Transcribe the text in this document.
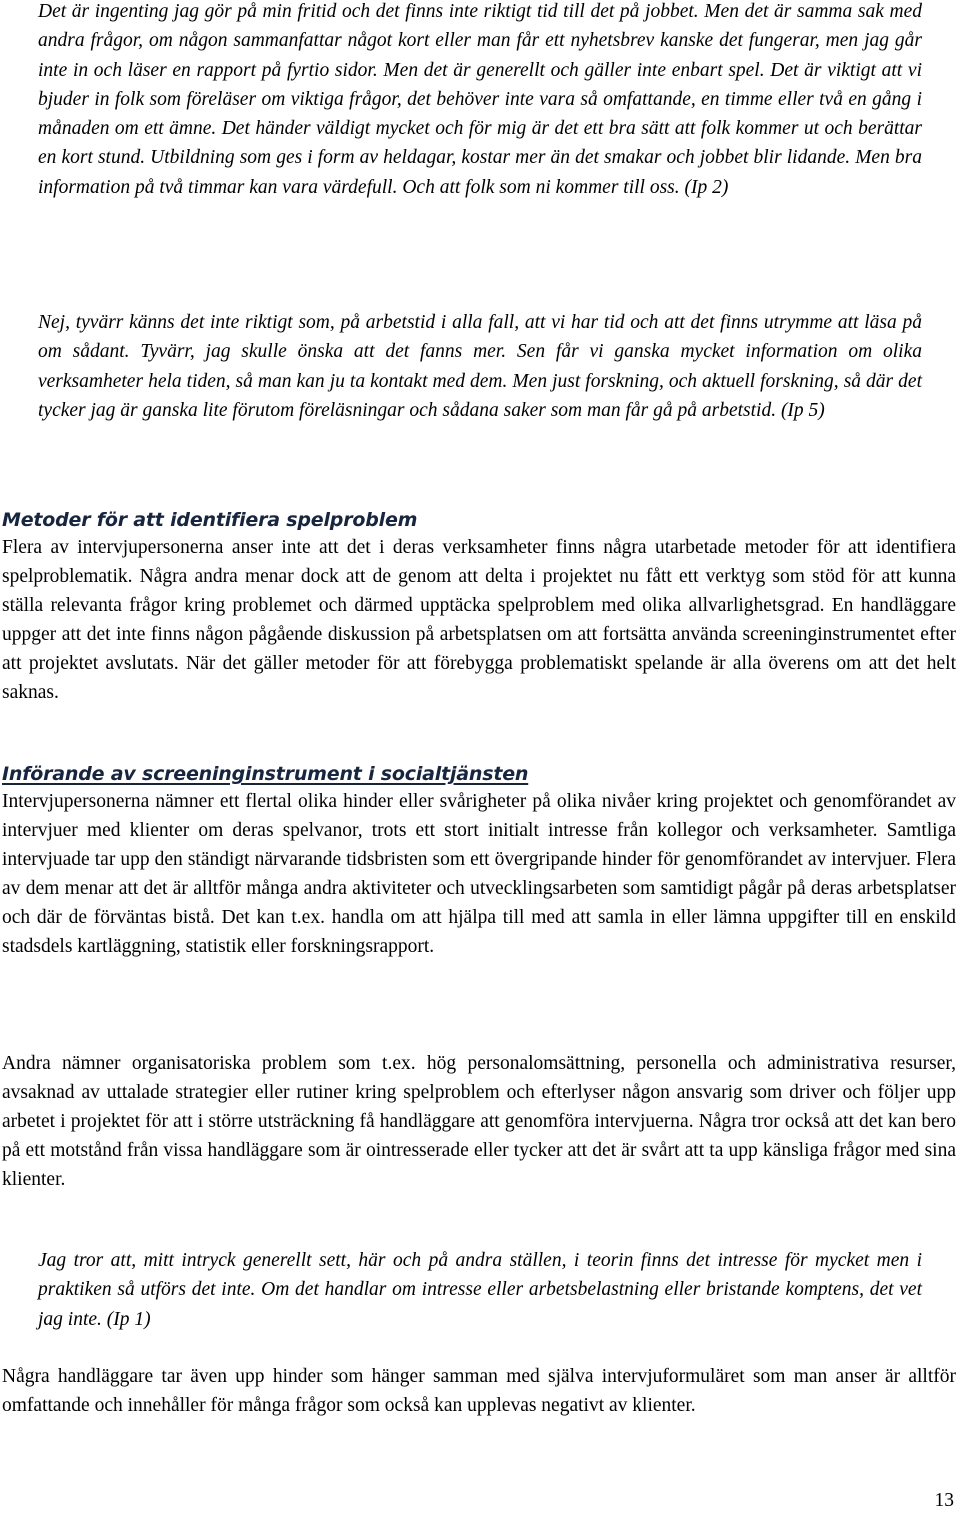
Det är ingenting jag gör på min fritid och det finns inte riktigt tid till det på jobbet. Men det är samma sak med andra frågor, om någon sammanfattar något kort eller man får ett nyhetsbrev kanske det fungerar, men jag går inte in och läser en rapport på fyrtio sidor. Men det är generellt och gäller inte enbart spel. Det är viktigt att vi bjuder in folk som föreläser om viktiga frågor, det behöver inte vara så omfattande, en timme eller två en gång i månaden om ett ämne. Det händer väldigt mycket och för mig är det ett bra sätt att folk kommer ut och berättar en kort stund. Utbildning som ges i form av heldagar, kostar mer än det smakar och jobbet blir lidande. Men bra information på två timmar kan vara värdefull. Och att folk som ni kommer till oss. (Ip 2)

Nej, tyvärr känns det inte riktigt som, på arbetstid i alla fall, att vi har tid och att det finns utrymme att läsa på om sådant. Tyvärr, jag skulle önska att det fanns mer. Sen får vi ganska mycket information om olika verksamheter hela tiden, så man kan ju ta kontakt med dem. Men just forskning, och aktuell forskning, så där det tycker jag är ganska lite förutom föreläsningar och sådana saker som man får gå på arbetstid. (Ip 5)

Metoder för att identifiera spelproblem

Flera av intervjupersonerna anser inte att det i deras verksamheter finns några utarbetade metoder för att identifiera spelproblematik. Några andra menar dock att de genom att delta i projektet nu fått ett verktyg som stöd för att kunna ställa relevanta frågor kring problemet och därmed upptäcka spelproblem med olika allvarlighetsgrad. En handläggare uppger att det inte finns någon pågående diskussion på arbetsplatsen om att fortsätta använda screeninginstrumentet efter att projektet avslutats. När det gäller metoder för att förebygga problematiskt spelande är alla överens om att det helt saknas.

Införande av screeninginstrument i socialtjänsten

Intervjupersonerna nämner ett flertal olika hinder eller svårigheter på olika nivåer kring projektet och genomförandet av intervjuer med klienter om deras spelvanor, trots ett stort initialt intresse från kollegor och verksamheter. Samtliga intervjuade tar upp den ständigt närvarande tidsbristen som ett övergripande hinder för genomförandet av intervjuer. Flera av dem menar att det är alltför många andra aktiviteter och utvecklingsarbeten som samtidigt pågår på deras arbetsplatser och där de förväntas bistå. Det kan t.ex. handla om att hjälpa till med att samla in eller lämna uppgifter till en enskild stadsdels kartläggning, statistik eller forskningsrapport.

Andra nämner organisatoriska problem som t.ex. hög personalomsättning, personella och administrativa resurser, avsaknad av uttalade strategier eller rutiner kring spelproblem och efterlyser någon ansvarig som driver och följer upp arbetet i projektet för att i större utsträckning få handläggare att genomföra intervjuerna. Några tror också att det kan bero på ett motstånd från vissa handläggare som är ointresserade eller tycker att det är svårt att ta upp känsliga frågor med sina klienter.

Jag tror att, mitt intryck generellt sett, här och på andra ställen, i teorin finns det intresse för mycket men i praktiken så utförs det inte. Om det handlar om intresse eller arbetsbelastning eller bristande komptens, det vet jag inte. (Ip 1)

Några handläggare tar även upp hinder som hänger samman med själva intervjuformuläret som man anser är alltför omfattande och innehåller för många frågor som också kan upplevas negativt av klienter.

13
